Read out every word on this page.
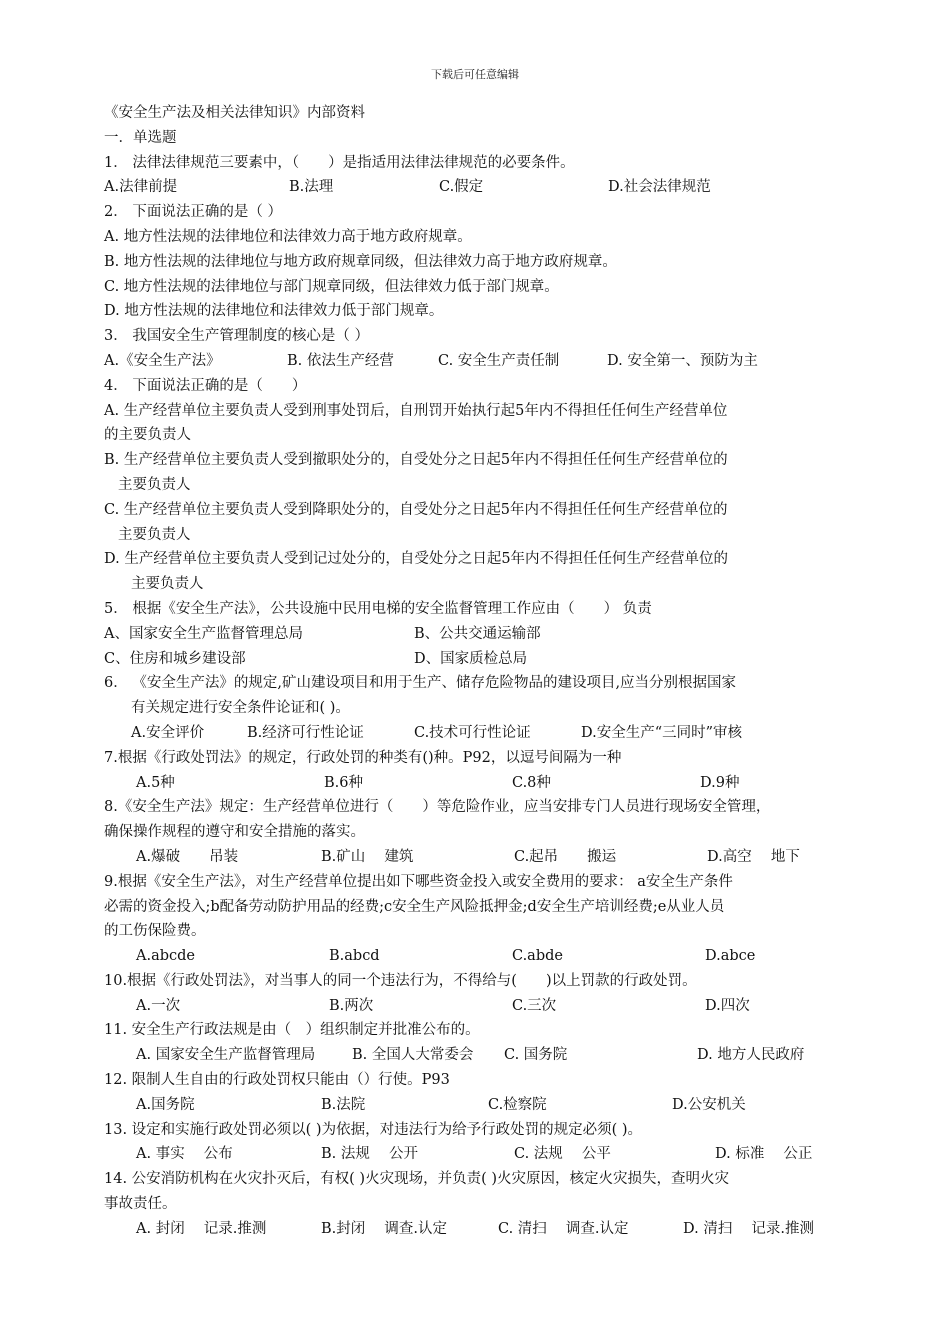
下载后可任意编辑
《安全生产法及相关法律知识》内部资料
一．单选题
1． 法律法律规范三要素中，（　　）是指适用法律法律规范的必要条件。
A.法律前提	B.法理	C.假定	D.社会法律规范
2． 下面说法正确的是（ ）
A. 地方性法规的法律地位和法律效力高于地方政府规章。
B. 地方性法规的法律地位与地方政府规章同级，但法律效力高于地方政府规章。
C. 地方性法规的法律地位与部门规章同级，但法律效力低于部门规章。
D. 地方性法规的法律地位和法律效力低于部门规章。
3． 我国安全生产管理制度的核心是（ ）
A.《安全生产法》	B. 依法生产经营	C. 安全生产责任制	D. 安全第一、预防为主
4． 下面说法正确的是（　　）
A. 生产经营单位主要负责人受到刑事处罚后，自刑罚开始执行起5年内不得担任任何生产经营单位
的主要负责人
B. 生产经营单位主要负责人受到撤职处分的，自受处分之日起5年内不得担任任何生产经营单位的
主要负责人
C. 生产经营单位主要负责人受到降职处分的，自受处分之日起5年内不得担任任何生产经营单位的
主要负责人
D. 生产经营单位主要负责人受到记过处分的，自受处分之日起5年内不得担任任何生产经营单位的
主要负责人
5． 根据《安全生产法》，公共设施中民用电梯的安全监督管理工作应由（　　） 负责
A、国家安全生产监督管理总局	B、公共交通运输部
C、住房和城乡建设部	D、国家质检总局
6． 《安全生产法》的规定,矿山建设项目和用于生产、储存危险物品的建设项目,应当分别根据国家
有关规定进行安全条件论证和( )。
A.安全评价	B.经济可行性论证	C.技术可行性论证	D.安全生产“三同时”审核
7.根据《行政处罚法》的规定，行政处罚的种类有()种。P92，以逗号间隔为一种
A.5种	B.6种	C.8种	D.9种
8.《安全生产法》规定：生产经营单位进行（　　）等危险作业，应当安排专门人员进行现场安全管理，
确保操作规程的遵守和安全措施的落实。
A.爆破　　吊装	B.矿山　 建筑	C.起吊　　搬运	D.高空　 地下
9.根据《安全生产法》，对生产经营单位提出如下哪些资金投入或安全费用的要求： a安全生产条件
必需的资金投入;b配备劳动防护用品的经费;c安全生产风险抵押金;d安全生产培训经费;e从业人员
的工伤保险费。
A.abcde	B.abcd	C.abde	D.abce
10.根据《行政处罚法》，对当事人的同一个违法行为，不得给与(　　)以上罚款的行政处罚。
A.一次	B.两次	C.三次	D.四次
11. 安全生产行政法规是由（　）组织制定并批准公布的。
A. 国家安全生产监督管理局	B. 全国人大常委会	C. 国务院	D. 地方人民政府
12. 限制人生自由的行政处罚权只能由（）行使。P93
A.国务院	B.法院	C.检察院	D.公安机关
13. 设定和实施行政处罚必须以( )为依据，对违法行为给予行政处罚的规定必须( )。
A. 事实　 公布	B. 法规　 公开	C. 法规　 公平	D. 标准　 公正
14. 公安消防机构在火灾扑灭后，有权( )火灾现场，并负责( )火灾原因，核定火灾损失，查明火灾
事故责任。
A. 封闭　 记录.推测	B.封闭　 调查.认定	C. 清扫　 调查.认定	D. 清扫　 记录.推测
